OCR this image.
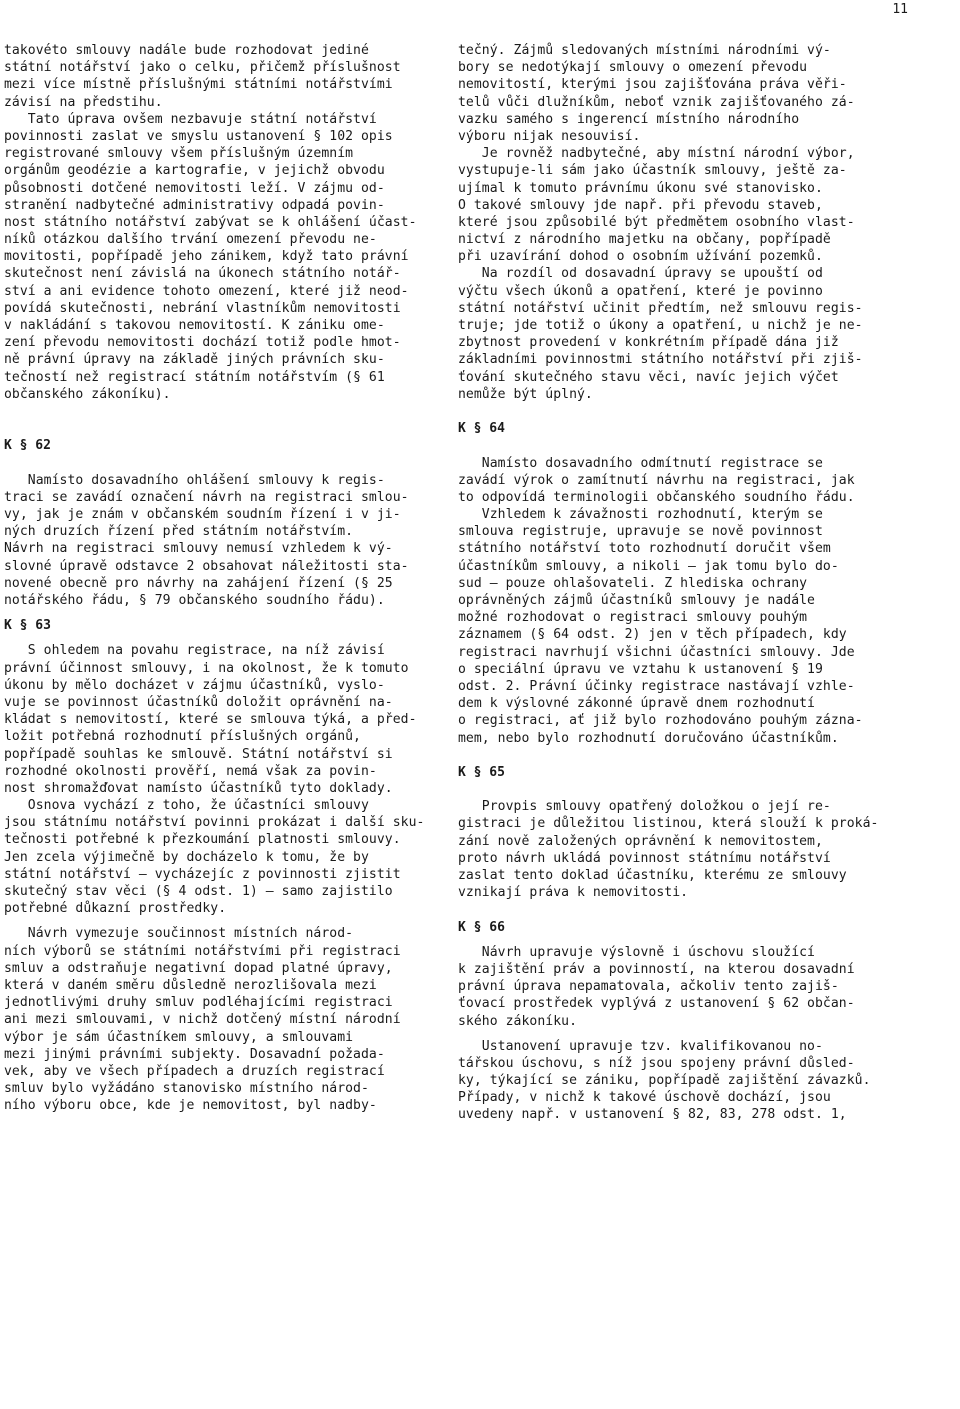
11
takovéto smlouvy nadále bude rozhodovat jediné
státní notářství jako o celku, přičemž příslušnost
mezi více místně příslušnými státními notářstvími
závisí na předstihu.
Tato úprava ovšem nezbavuje státní notářství
povinnosti zaslat ve smyslu ustanovení § 102 opis
registrované smlouvy všem příslušným územním
orgánům geodézie a kartografie, v jejichž obvodu
působnosti dotčené nemovitosti leží. V zájmu od-
stranění nadbytečné administrativy odpadá povin-
nost státního notářství zabývat se k ohlášení účast-
níků otázkou dalšího trvání omezení převodu ne-
movitosti, popřípadě jeho zánikem, když tato právní
skutečnost není závislá na úkonech státního notář-
ství a ani evidence tohoto omezení, které již neod-
povídá skutečnosti, nebrání vlastníkům nemovitosti
v nakládání s takovou nemovitostí. K zániku ome-
zení převodu nemovitosti dochází totiž podle hmot-
ně právní úpravy na základě jiných právních sku-
tečností než registrací státním notářstvím (§ 61
občanského zákoníku).
K § 62
Namísto dosavadního ohlášení smlouvy k regis-
traci se zavádí označení návrh na registraci smlou-
vy, jak je znám v občanském soudním řízení i v ji-
ných druzích řízení před státním notářstvím.
Návrh na registraci smlouvy nemusí vzhledem k vý-
slovné úpravě odstavce 2 obsahovat náležitosti sta-
novené obecně pro návrhy na zahájení řízení (§ 25
notářského řádu, § 79 občanského soudního řádu).
K § 63
S ohledem na povahu registrace, na níž závisí
právní účinnost smlouvy, i na okolnost, že k tomuto
úkonu by mělo docházet v zájmu účastníků, vyslo-
vuje se povinnost účastníků doložit oprávnění na-
kládat s nemovitostí, které se smlouva týká, a před-
ložit potřebná rozhodnutí příslušných orgánů,
popřípadě souhlas ke smlouvě. Státní notářství si
rozhodné okolnosti prověří, nemá však za povin-
nost shromažďovat namísto účastníků tyto doklady.
Osnova vychází z toho, že účastníci smlouvy
jsou státnímu notářství povinni prokázat i další sku-
tečnosti potřebné k přezkoumání platnosti smlouvy.
Jen zcela výjimečně by docházelo k tomu, že by
státní notářství — vycházejíc z povinnosti zjistit
skutečný stav věci (§ 4 odst. 1) — samo zajistilo
potřebné důkazní prostředky.
Návrh vymezuje součinnost místních národ-
ních výborů se státními notářstvími při registraci
smluv a odstraňuje negativní dopad platné úpravy,
která v daném směru důsledně nerozlišovala mezi
jednotlivými druhy smluv podléhajícími registraci
ani mezi smlouvami, v nichž dotčený místní národní
výbor je sám účastníkem smlouvy, a smlouvami
mezi jinými právními subjekty. Dosavadní požada-
vek, aby ve všech případech a druzích registrací
smluv bylo vyžádáno stanovisko místního národ-
ního výboru obce, kde je nemovitost, byl nadby-
tečný. Zájmů sledovaných místními národními vý-
bory se nedotýkají smlouvy o omezení převodu
nemovitostí, kterými jsou zajišťována práva věři-
telů vůči dlužníkům, neboť vznik zajišťovaného zá-
vazku samého s ingerencí místního národního
výboru nijak nesouvisí.
Je rovněž nadbytečné, aby místní národní výbor,
vystupuje-li sám jako účastník smlouvy, ještě za-
ujímal k tomuto právnímu úkonu své stanovisko.
O takové smlouvy jde např. při převodu staveb,
které jsou způsobilé být předmětem osobního vlast-
nictví z národního majetku na občany, popřípadě
při uzavírání dohod o osobním užívání pozemků.
Na rozdíl od dosavadní úpravy se upouští od
výčtu všech úkonů a opatření, které je povinno
státní notářství učinit předtím, než smlouvu regis-
truje; jde totiž o úkony a opatření, u nichž je ne-
zbytnost provedení v konkrétním případě dána již
základními povinnostmi státního notářství při zjiš-
ťování skutečného stavu věci, navíc jejich výčet
nemůže být úplný.
K § 64
Namísto dosavadního odmítnutí registrace se
zavádí výrok o zamítnutí návrhu na registraci, jak
to odpovídá terminologii občanského soudního řádu.
Vzhledem k závažnosti rozhodnutí, kterým se
smlouva registruje, upravuje se nově povinnost
státního notářství toto rozhodnutí doručit všem
účastníkům smlouvy, a nikoli — jak tomu bylo do-
sud — pouze ohlašovateli. Z hlediska ochrany
oprávněných zájmů účastníků smlouvy je nadále
možné rozhodovat o registraci smlouvy pouhým
záznamem (§ 64 odst. 2) jen v těch případech, kdy
registraci navrhují všichni účastníci smlouvy. Jde
o speciální úpravu ve vztahu k ustanovení § 19
odst. 2. Právní účinky registrace nastávají vzhle-
dem k výslovné zákonné úpravě dnem rozhodnutí
o registraci, ať již bylo rozhodováno pouhým zázna-
mem, nebo bylo rozhodnutí doručováno účastníkům.
K § 65
Provpis smlouvy opatřený doložkou o její re-
gistraci je důležitou listinou, která slouží k proká-
zání nově založených oprávnění k nemovitostem,
proto návrh ukládá povinnost státnímu notářství
zaslat tento doklad účastníku, kterému ze smlouvy
vznikají práva k nemovitosti.
K § 66
Návrh upravuje výslovně i úschovu sloužící
k zajištění práv a povinností, na kterou dosavadní
právní úprava nepamatovala, ačkoliv tento zajiš-
ťovací prostředek vyplývá z ustanovení § 62 občan-
ského zákoníku.
Ustanovení upravuje tzv. kvalifikovanou no-
tářskou úschovu, s níž jsou spojeny právní důsled-
ky, týkající se zániku, popřípadě zajištění závazků.
Případy, v nichž k takové úschově dochází, jsou
uvedeny např. v ustanovení § 82, 83, 278 odst. 1,
